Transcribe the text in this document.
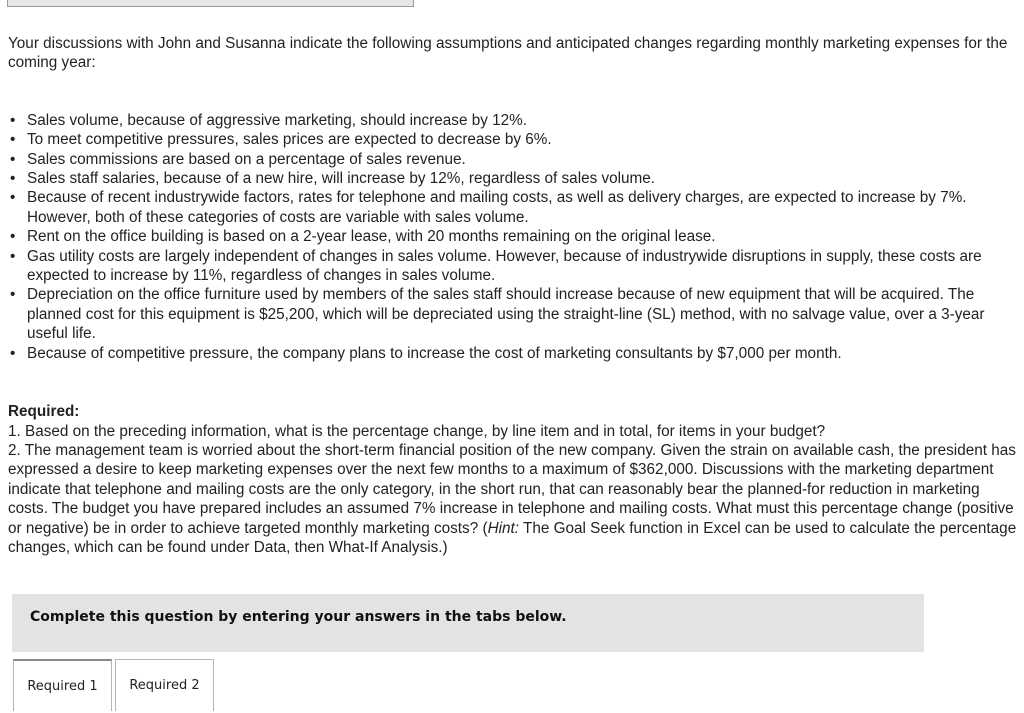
Your discussions with John and Susanna indicate the following assumptions and anticipated changes regarding monthly marketing expenses for the coming year:

• Sales volume, because of aggressive marketing, should increase by 12%.
• To meet competitive pressures, sales prices are expected to decrease by 6%.
• Sales commissions are based on a percentage of sales revenue.
• Sales staff salaries, because of a new hire, will increase by 12%, regardless of sales volume.
• Because of recent industrywide factors, rates for telephone and mailing costs, as well as delivery charges, are expected to increase by 7%. However, both of these categories of costs are variable with sales volume.
• Rent on the office building is based on a 2-year lease, with 20 months remaining on the original lease.
• Gas utility costs are largely independent of changes in sales volume. However, because of industrywide disruptions in supply, these costs are expected to increase by 11%, regardless of changes in sales volume.
• Depreciation on the office furniture used by members of the sales staff should increase because of new equipment that will be acquired. The planned cost for this equipment is $25,200, which will be depreciated using the straight-line (SL) method, with no salvage value, over a 3-year useful life.
• Because of competitive pressure, the company plans to increase the cost of marketing consultants by $7,000 per month.
Required:

1. Based on the preceding information, what is the percentage change, by line item and in total, for items in your budget?

2. The management team is worried about the short-term financial position of the new company. Given the strain on available cash, the president has expressed a desire to keep marketing expenses over the next few months to a maximum of $362,000. Discussions with the marketing department indicate that telephone and mailing costs are the only category, in the short run, that can reasonably bear the planned-for reduction in marketing costs. The budget you have prepared includes an assumed 7% increase in telephone and mailing costs. What must this percentage change (positive or negative) be in order to achieve targeted monthly marketing costs? (Hint: The Goal Seek function in Excel can be used to calculate the percentage changes, which can be found under Data, then What-If Analysis.)

Complete this question by entering your answers in the tabs below.
Required 1	Required 2
